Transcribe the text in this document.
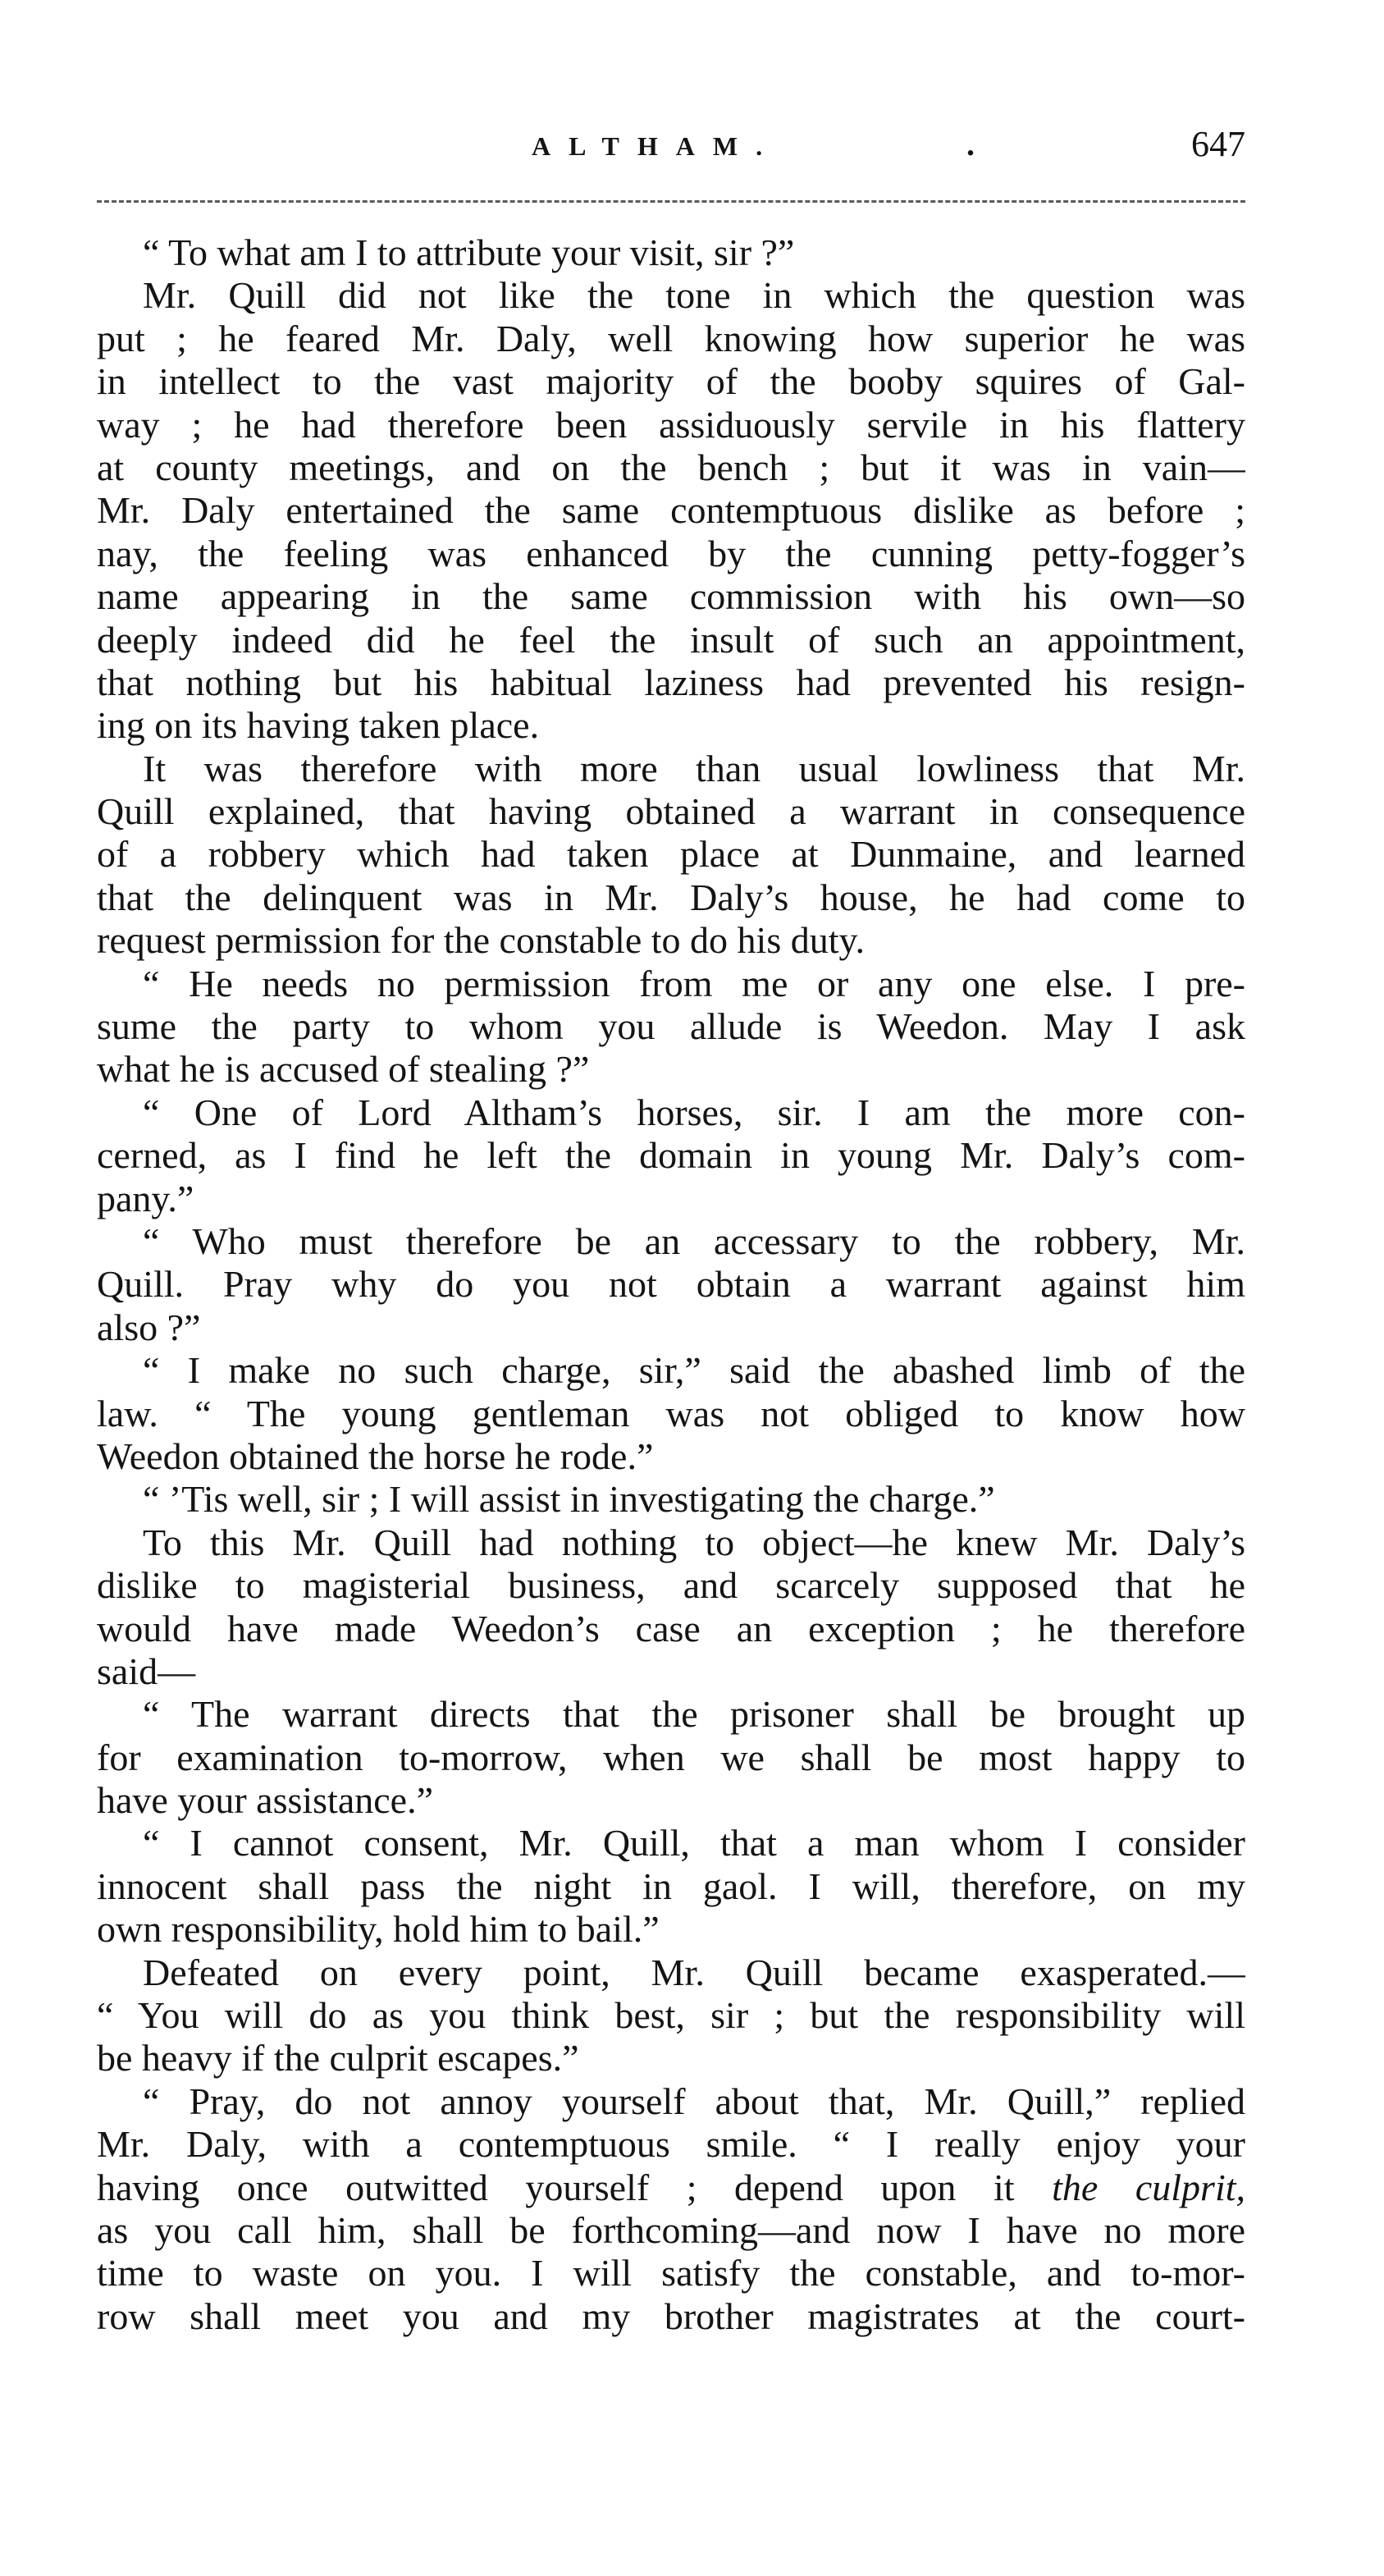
ALTHAM.	.	647
“ To what am I to attribute your visit, sir ?”
Mr. Quill did not like the tone in which the question was
put ; he feared Mr. Daly, well knowing how superior he was
in intellect to the vast majority of the booby squires of Gal-
way ; he had therefore been assiduously servile in his flattery
at county meetings, and on the bench ; but it was in vain—
Mr. Daly entertained the same contemptuous dislike as before ;
nay, the feeling was enhanced by the cunning petty-fogger’s
name appearing in the same commission with his own—so
deeply indeed did he feel the insult of such an appointment,
that nothing but his habitual laziness had prevented his resign-
ing on its having taken place.
It was therefore with more than usual lowliness that Mr.
Quill explained, that having obtained a warrant in consequence
of a robbery which had taken place at Dunmaine, and learned
that the delinquent was in Mr. Daly’s house, he had come to
request permission for the constable to do his duty.
“ He needs no permission from me or any one else. I pre-
sume the party to whom you allude is Weedon. May I ask
what he is accused of stealing ?”
“ One of Lord Altham’s horses, sir. I am the more con-
cerned, as I find he left the domain in young Mr. Daly’s com-
pany.”
“ Who must therefore be an accessary to the robbery, Mr.
Quill. Pray why do you not obtain a warrant against him
also ?”
“ I make no such charge, sir,” said the abashed limb of the
law. “ The young gentleman was not obliged to know how
Weedon obtained the horse he rode.”
“ ’Tis well, sir ; I will assist in investigating the charge.”
To this Mr. Quill had nothing to object—he knew Mr. Daly’s
dislike to magisterial business, and scarcely supposed that he
would have made Weedon’s case an exception ; he therefore
said—
“ The warrant directs that the prisoner shall be brought up
for examination to-morrow, when we shall be most happy to
have your assistance.”
“ I cannot consent, Mr. Quill, that a man whom I consider
innocent shall pass the night in gaol. I will, therefore, on my
own responsibility, hold him to bail.”
Defeated on every point, Mr. Quill became exasperated.—
“ You will do as you think best, sir ; but the responsibility will
be heavy if the culprit escapes.”
“ Pray, do not annoy yourself about that, Mr. Quill,” replied
Mr. Daly, with a contemptuous smile. “ I really enjoy your
having once outwitted yourself ; depend upon it the culprit,
as you call him, shall be forthcoming—and now I have no more
time to waste on you. I will satisfy the constable, and to-mor-
row shall meet you and my brother magistrates at the court-
